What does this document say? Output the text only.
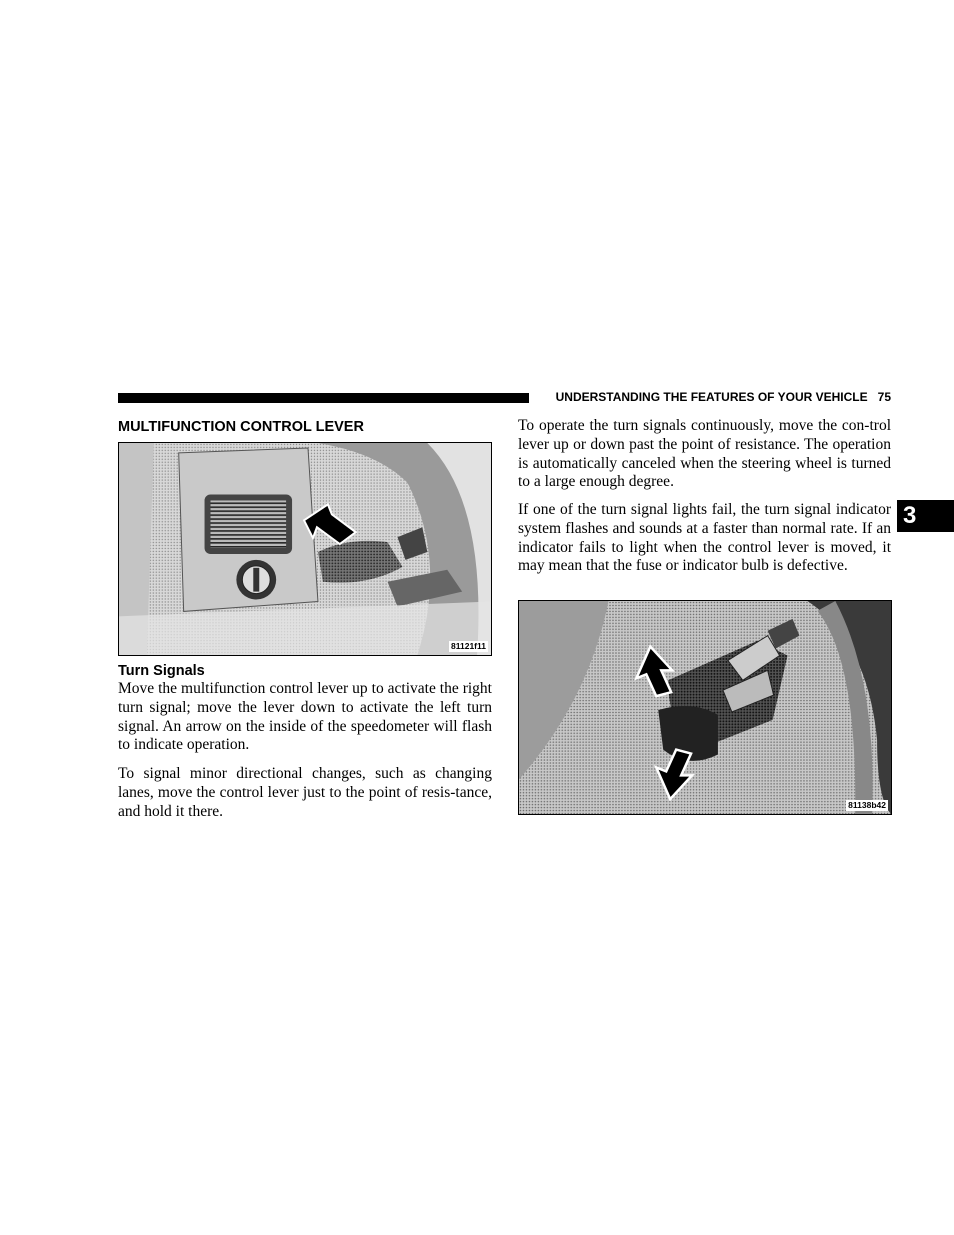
UNDERSTANDING THE FEATURES OF YOUR VEHICLE 75
3
MULTIFUNCTION CONTROL LEVER
81121f11
Turn Signals

Move the multifunction control lever up to activate the right turn signal; move the lever down to activate the left turn signal. An arrow on the inside of the speedometer will flash to indicate operation.

To signal minor directional changes, such as changing lanes, move the control lever just to the point of resis-tance, and hold it there.

To operate the turn signals continuously, move the con-trol lever up or down past the point of resistance. The operation is automatically canceled when the steering wheel is turned to a large enough degree.

If one of the turn signal lights fail, the turn signal indicator system flashes and sounds at a faster than normal rate. If an indicator fails to light when the control lever is moved, it may mean that the fuse or indicator bulb is defective.

81138b42
